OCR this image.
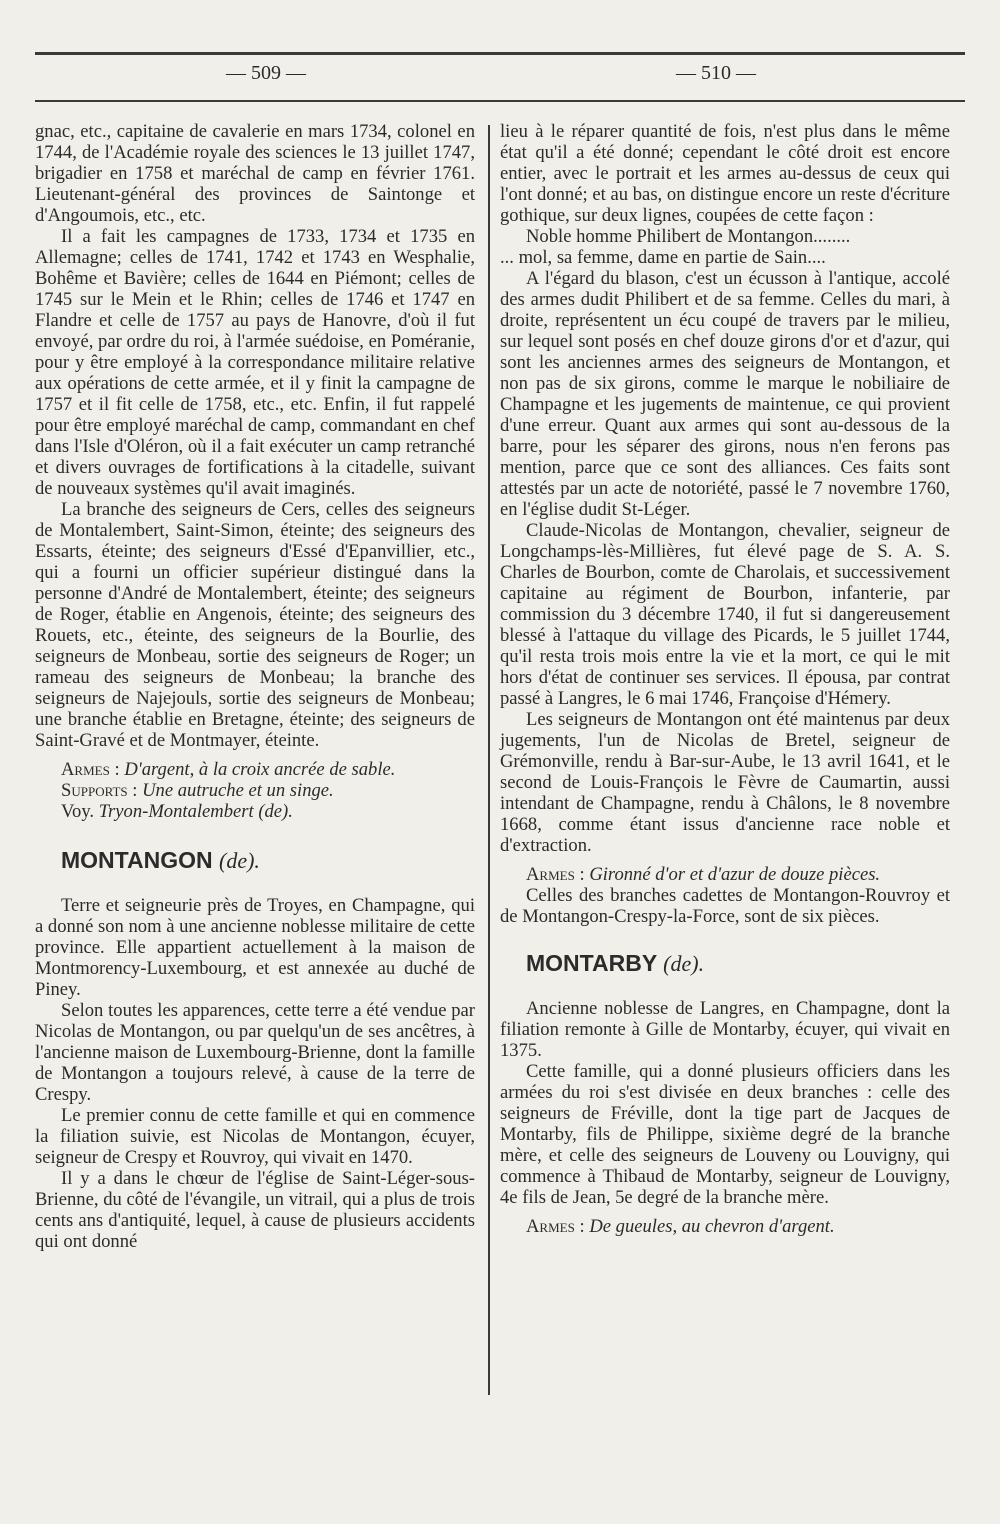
— 509 —	— 510 —

gnac, etc., capitaine de cavalerie en mars 1734, colonel en 1744, de l'Académie royale des sciences le 13 juillet 1747, brigadier en 1758 et maréchal de camp en février 1761. Lieutenant-général des provinces de Saintonge et d'Angoumois, etc., etc.

Il a fait les campagnes de 1733, 1734 et 1735 en Allemagne; celles de 1741, 1742 et 1743 en Wesphalie, Bohême et Bavière; celles de 1644 en Piémont; celles de 1745 sur le Mein et le Rhin; celles de 1746 et 1747 en Flandre et celle de 1757 au pays de Hanovre, d'où il fut envoyé, par ordre du roi, à l'armée suédoise, en Poméranie, pour y être employé à la correspondance militaire relative aux opérations de cette armée, et il y finit la campagne de 1757 et il fit celle de 1758, etc., etc. Enfin, il fut rappelé pour être employé maréchal de camp, commandant en chef dans l'Isle d'Oléron, où il a fait exécuter un camp retranché et divers ouvrages de fortifications à la citadelle, suivant de nouveaux systèmes qu'il avait imaginés.

La branche des seigneurs de Cers, celles des seigneurs de Montalembert, Saint-Simon, éteinte; des seigneurs des Essarts, éteinte; des seigneurs d'Essé d'Epanvillier, etc., qui a fourni un officier supérieur distingué dans la personne d'André de Montalembert, éteinte; des seigneurs de Roger, établie en Angenois, éteinte; des seigneurs des Rouets, etc., éteinte, des seigneurs de la Bourlie, des seigneurs de Monbeau, sortie des seigneurs de Roger; un rameau des seigneurs de Monbeau; la branche des seigneurs de Najejouls, sortie des seigneurs de Monbeau; une branche établie en Bretagne, éteinte; des seigneurs de Saint-Gravé et de Montmayer, éteinte.

Armes : D'argent, à la croix ancrée de sable.

Supports : Une autruche et un singe.

Voy. Tryon-Montalembert (de).

MONTANGON (de).

Terre et seigneurie près de Troyes, en Champagne, qui a donné son nom à une ancienne noblesse militaire de cette province. Elle appartient actuellement à la maison de Montmorency-Luxembourg, et est annexée au duché de Piney.

Selon toutes les apparences, cette terre a été vendue par Nicolas de Montangon, ou par quelqu'un de ses ancêtres, à l'ancienne maison de Luxembourg-Brienne, dont la famille de Montangon a toujours relevé, à cause de la terre de Crespy.

Le premier connu de cette famille et qui en commence la filiation suivie, est Nicolas de Montangon, écuyer, seigneur de Crespy et Rouvroy, qui vivait en 1470.

Il y a dans le chœur de l'église de Saint-Léger-sous-Brienne, du côté de l'évangile, un vitrail, qui a plus de trois cents ans d'antiquité, lequel, à cause de plusieurs accidents qui ont donné

lieu à le réparer quantité de fois, n'est plus dans le même état qu'il a été donné; cependant le côté droit est encore entier, avec le portrait et les armes au-dessus de ceux qui l'ont donné; et au bas, on distingue encore un reste d'écriture gothique, sur deux lignes, coupées de cette façon :

Noble homme Philibert de Montangon........

... mol, sa femme, dame en partie de Sain....

A l'égard du blason, c'est un écusson à l'antique, accolé des armes dudit Philibert et de sa femme. Celles du mari, à droite, représentent un écu coupé de travers par le milieu, sur lequel sont posés en chef douze girons d'or et d'azur, qui sont les anciennes armes des seigneurs de Montangon, et non pas de six girons, comme le marque le nobiliaire de Champagne et les jugements de maintenue, ce qui provient d'une erreur. Quant aux armes qui sont au-dessous de la barre, pour les séparer des girons, nous n'en ferons pas mention, parce que ce sont des alliances. Ces faits sont attestés par un acte de notoriété, passé le 7 novembre 1760, en l'église dudit St-Léger.

Claude-Nicolas de Montangon, chevalier, seigneur de Longchamps-lès-Millières, fut élevé page de S. A. S. Charles de Bourbon, comte de Charolais, et successivement capitaine au régiment de Bourbon, infanterie, par commission du 3 décembre 1740, il fut si dangereusement blessé à l'attaque du village des Picards, le 5 juillet 1744, qu'il resta trois mois entre la vie et la mort, ce qui le mit hors d'état de continuer ses services. Il épousa, par contrat passé à Langres, le 6 mai 1746, Françoise d'Hémery.

Les seigneurs de Montangon ont été maintenus par deux jugements, l'un de Nicolas de Bretel, seigneur de Grémonville, rendu à Bar-sur-Aube, le 13 avril 1641, et le second de Louis-François le Fèvre de Caumartin, aussi intendant de Champagne, rendu à Châlons, le 8 novembre 1668, comme étant issus d'ancienne race noble et d'extraction.

Armes : Gironné d'or et d'azur de douze pièces.

Celles des branches cadettes de Montangon-Rouvroy et de Montangon-Crespy-la-Force, sont de six pièces.

MONTARBY (de).

Ancienne noblesse de Langres, en Champagne, dont la filiation remonte à Gille de Montarby, écuyer, qui vivait en 1375.

Cette famille, qui a donné plusieurs officiers dans les armées du roi s'est divisée en deux branches : celle des seigneurs de Fréville, dont la tige part de Jacques de Montarby, fils de Philippe, sixième degré de la branche mère, et celle des seigneurs de Louveny ou Louvigny, qui commence à Thibaud de Montarby, seigneur de Louvigny, 4e fils de Jean, 5e degré de la branche mère.

Armes : De gueules, au chevron d'argent.
